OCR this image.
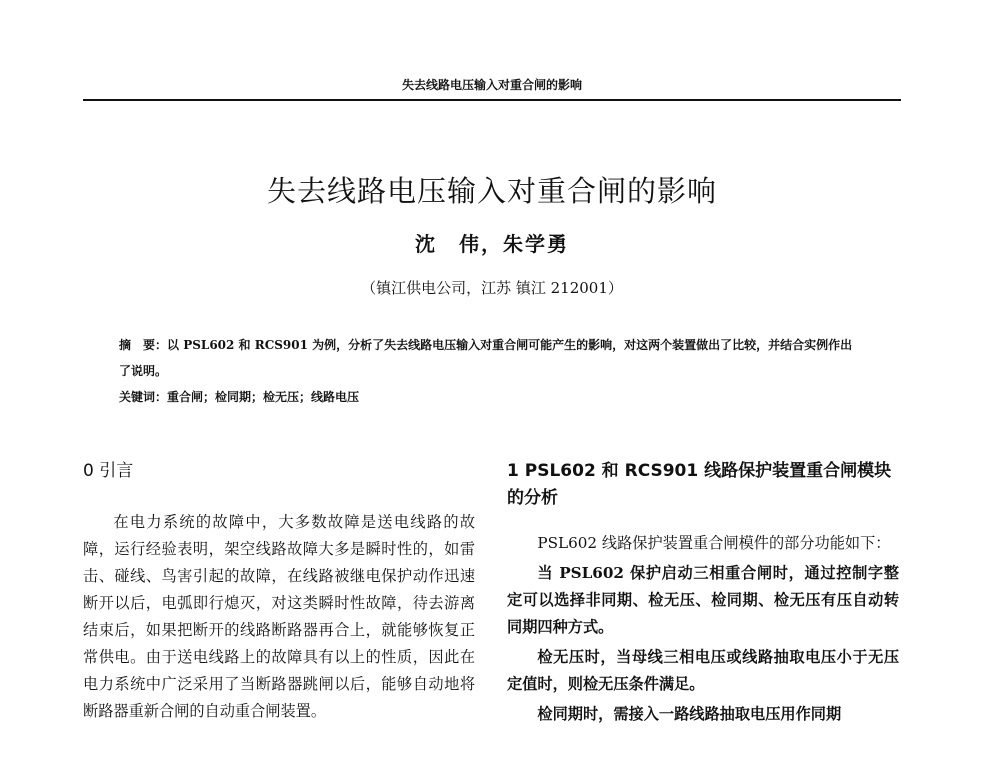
失去线路电压输入对重合闸的影响
失去线路电压输入对重合闸的影响
沈　伟，朱学勇
（镇江供电公司，江苏 镇江 212001）

摘　要：以 PSL602 和 RCS901 为例，分析了失去线路电压输入对重合闸可能产生的影响，对这两个装置做出了比较，并结合实例作出了说明。

关键词：重合闸；检同期；检无压；线路电压

0 引言

在电力系统的故障中，大多数故障是送电线路的故障，运行经验表明，架空线路故障大多是瞬时性的，如雷击、碰线、鸟害引起的故障，在线路被继电保护动作迅速断开以后，电弧即行熄灭，对这类瞬时性故障，待去游离结束后，如果把断开的线路断路器再合上，就能够恢复正常供电。由于送电线路上的故障具有以上的性质，因此在电力系统中广泛采用了当断路器跳闸以后，能够自动地将断路器重新合闸的自动重合闸装置。

1 PSL602 和 RCS901 线路保护装置重合闸模块的分析

PSL602 线路保护装置重合闸模件的部分功能如下：

当 PSL602 保护启动三相重合闸时，通过控制字整定可以选择非同期、检无压、检同期、检无压有压自动转同期四种方式。

检无压时，当母线三相电压或线路抽取电压小于无压定值时，则检无压条件满足。

检同期时，需接入一路线路抽取电压用作同期
